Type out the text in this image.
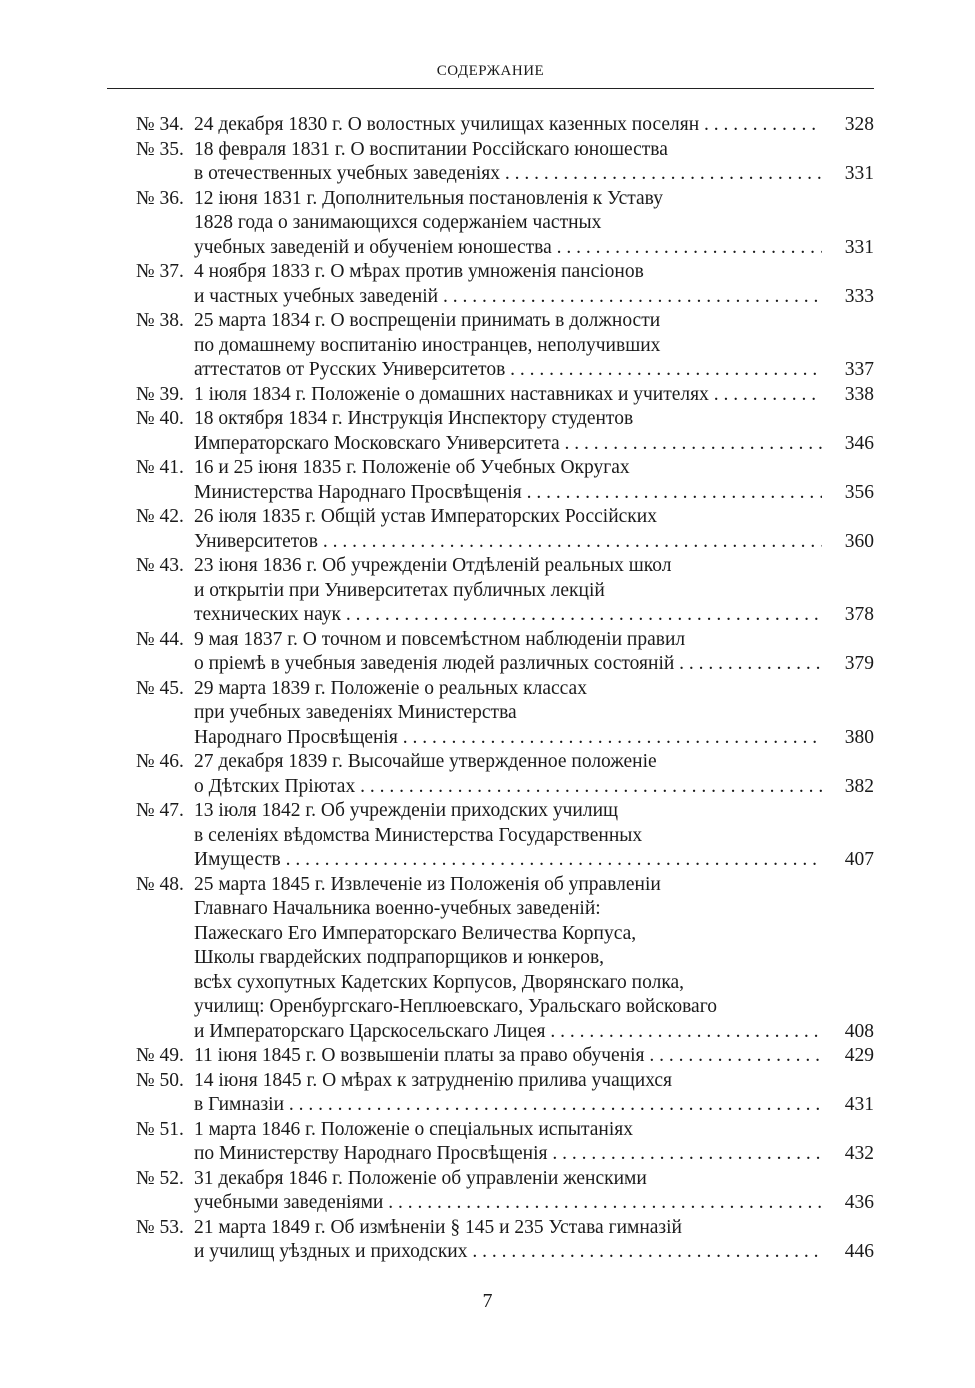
СОДЕРЖАНИЕ
№ 34. 24 декабря 1830 г. О волостных училищах казенных поселян . . .	328
№ 35. 18 февраля 1831 г. О воспитании Россійскаго юношества
в отечественных учебных заведеніях . . .	331
№ 36. 12 іюня 1831 г. Дополнительныя постановленія к Уставу
1828 года о занимающихся содержаніем частных
учебных заведеній и обученіем юношества . . .	331
№ 37. 4 ноября 1833 г. О мѣрах против умноженія пансіонов
и частных учебных заведеній . . .	333
№ 38. 25 марта 1834 г. О воспрещеніи принимать в должности
по домашнему воспитанію иностранцев, неполучивших
аттестатов от Русских Университетов . . .	337
№ 39. 1 іюля 1834 г. Положеніе о домашних наставниках и учителях . . .	338
№ 40. 18 октября 1834 г. Инструкція Инспектору студентов
Императорскаго Московскаго Университета . . .	346
№ 41. 16 и 25 іюня 1835 г. Положеніе об Учебных Округах
Министерства Народнаго Просвѣщенія . . .	356
№ 42. 26 іюля 1835 г. Общій устав Императорских Россійских
Университетов . . .	360
№ 43. 23 іюня 1836 г. Об учрежденіи Отдѣленій реальных школ
и открытіи при Университетах публичных лекцій
технических наук . . .	378
№ 44. 9 мая 1837 г. О точном и повсемѣстном наблюденіи правил
о пріемѣ в учебныя заведенія людей различных состояній . . .	379
№ 45. 29 марта 1839 г. Положеніе о реальных классах
при учебных заведеніях Министерства
Народнаго Просвѣщенія . . .	380
№ 46. 27 декабря 1839 г. Высочайше утвержденное положеніе
о Дѣтских Пріютах . . .	382
№ 47. 13 іюля 1842 г. Об учрежденіи приходских училищ
в селеніях вѣдомства Министерства Государственных
Имуществ . . .	407
№ 48. 25 марта 1845 г. Извлеченіе из Положенія об управленіи
Главнаго Начальника военно-учебных заведеній:
Пажескаго Его Императорскаго Величества Корпуса,
Школы гвардейских подпрапорщиков и юнкеров,
всѣх сухопутных Кадетских Корпусов, Дворянскаго полка,
училищ: Оренбургскаго-Неплюевскаго, Уральскаго войсковаго
и Императорскаго Царскосельскаго Лицея . . .	408
№ 49. 11 іюня 1845 г. О возвышеніи платы за право обученія . . .	429
№ 50. 14 іюня 1845 г. О мѣрах к затрудненію прилива учащихся
в Гимназіи . . .	431
№ 51. 1 марта 1846 г. Положеніе о спеціальных испытаніях
по Министерству Народнаго Просвѣщенія . . .	432
№ 52. 31 декабря 1846 г. Положеніе об управленіи женскими
учебными заведеніями . . .	436
№ 53. 21 марта 1849 г. Об измѣненіи § 145 и 235 Устава гимназій
и училищ уѣздных и приходских . . .	446
7
